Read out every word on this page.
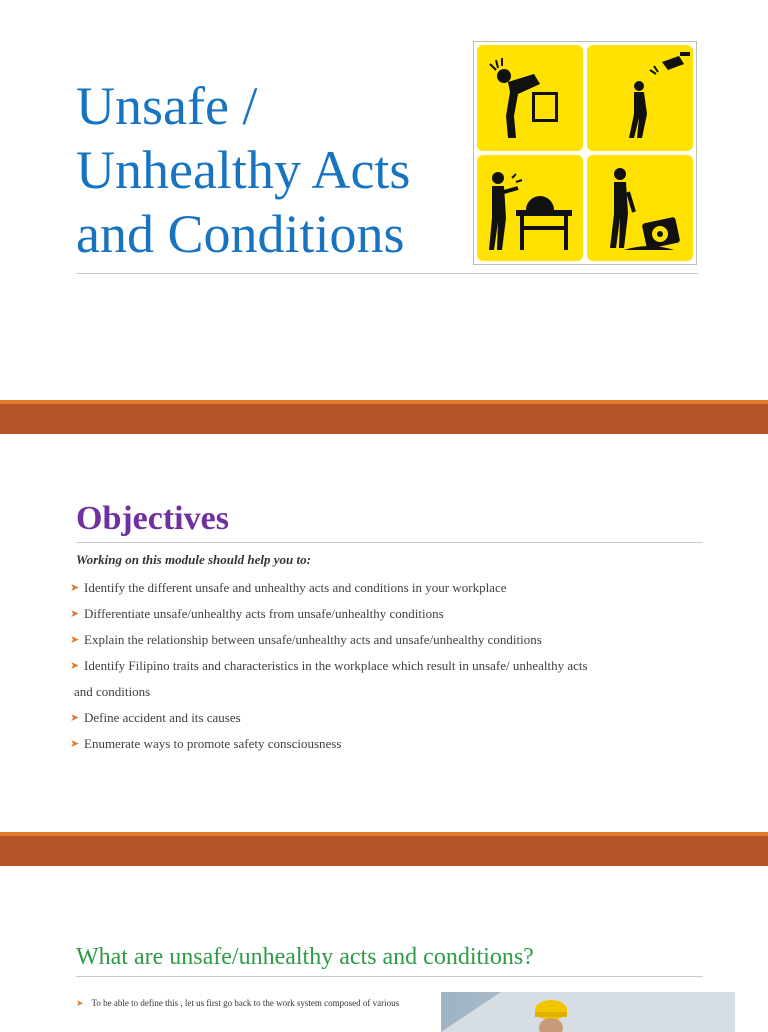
Unsafe /
Unhealthy Acts
and Conditions
Objectives

Working on this module should help you to:

➤ Identify the different unsafe and unhealthy acts and conditions in your workplace
➤ Differentiate unsafe/unhealthy acts from unsafe/unhealthy conditions
➤ Explain the relationship between unsafe/unhealthy acts and unsafe/unhealthy conditions
➤ Identify Filipino traits and characteristics in the workplace which result in unsafe/ unhealthy acts
and conditions
➤ Define accident and its causes
➤ Enumerate ways to promote safety consciousness
What are unsafe/unhealthy acts and conditions?
➤ To be able to define this , let us first go back to the work system composed of various
